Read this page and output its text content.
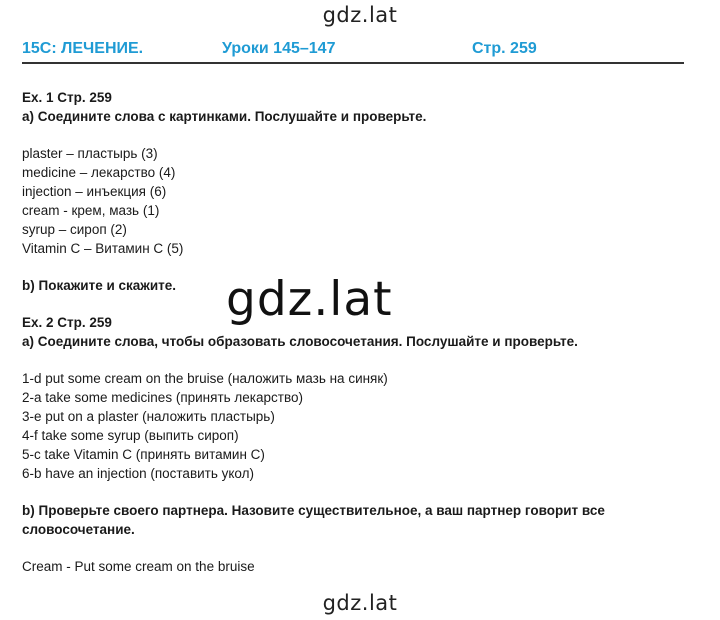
gdz.lat
15C: ЛЕЧЕНИЕ.	Уроки 145–147	Стр. 259
Ex. 1 Стр. 259
a) Соедините слова с картинками. Послушайте и проверьте.
plaster – пластырь (3)
medicine – лекарство (4)
injection – инъекция (6)
cream - крем, мазь (1)
syrup – сироп (2)
Vitamin C – Витамин С (5)
b) Покажите и скажите.
Ex. 2 Стр. 259
a) Соедините слова, чтобы образовать словосочетания. Послушайте и проверьте.
1-d put some cream on the bruise (наложить мазь на синяк)
2-a take some medicines (принять лекарство)
3-e put on a plaster (наложить пластырь)
4-f take some syrup (выпить сироп)
5-c take Vitamin C (принять витамин С)
6-b have an injection (поставить укол)
b) Проверьте своего партнера. Назовите существительное, а ваш партнер говорит все словосочетание.
Cream - Put some cream on the bruise
gdz.lat
gdz.lat
